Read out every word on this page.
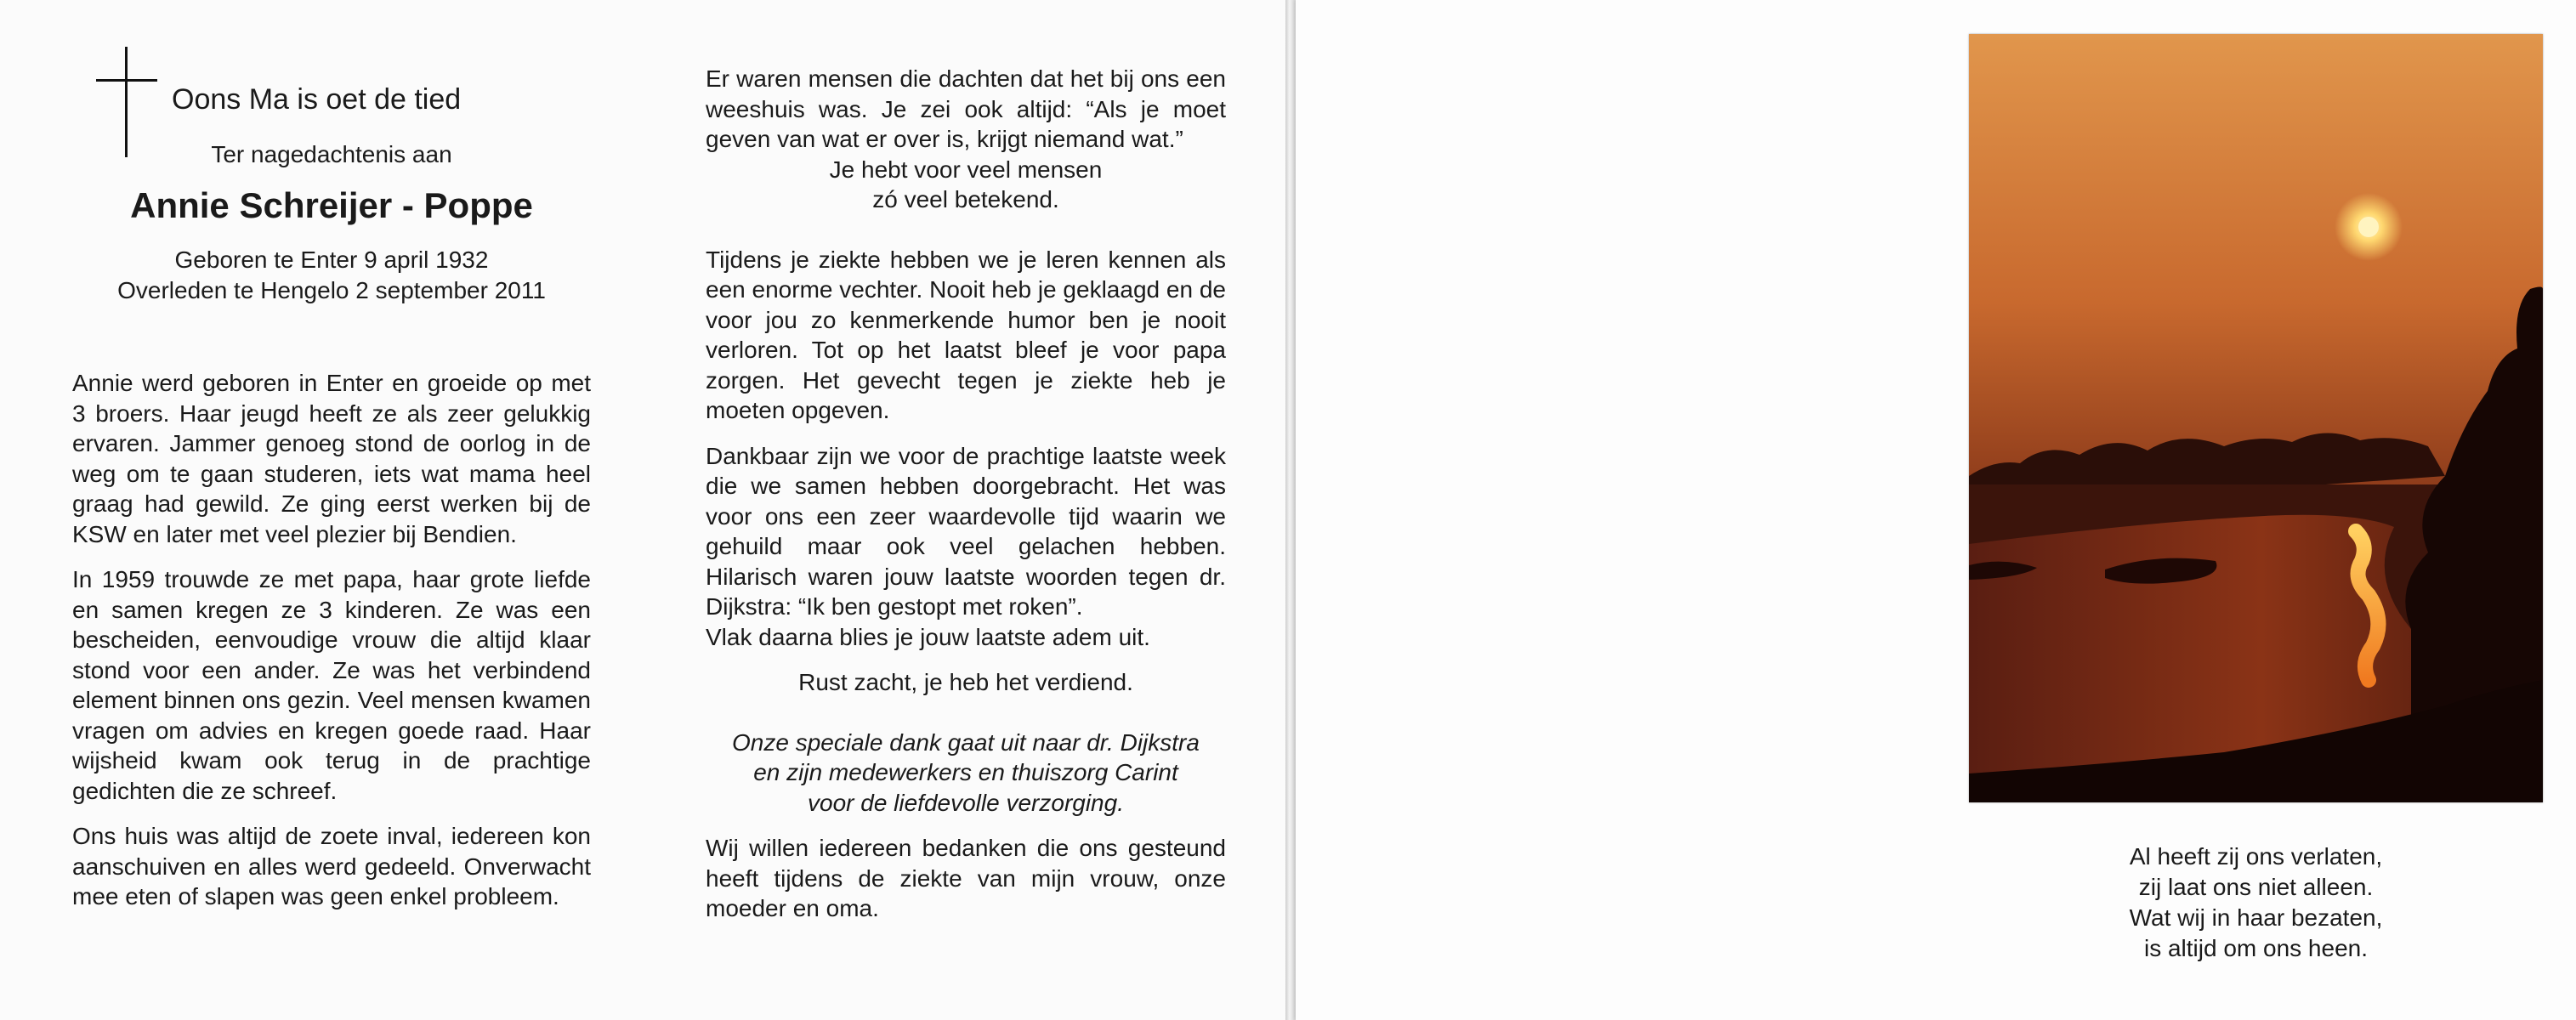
Oons Ma is oet de tied
Ter nagedachtenis aan
Annie Schreijer - Poppe
Geboren te Enter 9 april 1932
Overleden te Hengelo 2 september 2011

Annie werd geboren in Enter en groeide op met 3 broers. Haar jeugd heeft ze als zeer gelukkig ervaren. Jammer genoeg stond de oorlog in de weg om te gaan studeren, iets wat mama heel graag had gewild. Ze ging eerst werken bij de KSW en later met veel plezier bij Bendien.

In 1959 trouwde ze met papa, haar grote liefde en samen kregen ze 3 kinderen. Ze was een bescheiden, eenvoudige vrouw die altijd klaar stond voor een ander. Ze was het verbindend element binnen ons gezin. Veel mensen kwamen vragen om advies en kregen goede raad. Haar wijsheid kwam ook terug in de prachtige gedichten die ze schreef.

Ons huis was altijd de zoete inval, iedereen kon aanschuiven en alles werd gedeeld. Onverwacht mee eten of slapen was geen enkel probleem.

Er waren mensen die dachten dat het bij ons een weeshuis was. Je zei ook altijd: “Als je moet geven van wat er over is, krijgt niemand wat.”

Je hebt voor veel mensen
zó veel betekend.

Tijdens je ziekte hebben we je leren kennen als een enorme vechter. Nooit heb je geklaagd en de voor jou zo kenmerkende humor ben je nooit verloren. Tot op het laatst bleef je voor papa zorgen. Het gevecht tegen je ziekte heb je moeten opgeven.

Dankbaar zijn we voor de prachtige laatste week die we samen hebben doorgebracht. Het was voor ons een zeer waardevolle tijd waarin we gehuild maar ook veel gelachen hebben. Hilarisch waren jouw laatste woorden tegen dr. Dijkstra: “Ik ben gestopt met roken”.

Vlak daarna blies je jouw laatste adem uit.
Rust zacht, je heb het verdiend.
Onze speciale dank gaat uit naar dr. Dijkstra
en zijn medewerkers en thuiszorg Carint
voor de liefdevolle verzorging.

Wij willen iedereen bedanken die ons gesteund heeft tijdens de ziekte van mijn vrouw, onze moeder en oma.

Al heeft zij ons verlaten,
zij laat ons niet alleen.
Wat wij in haar bezaten,
is altijd om ons heen.
